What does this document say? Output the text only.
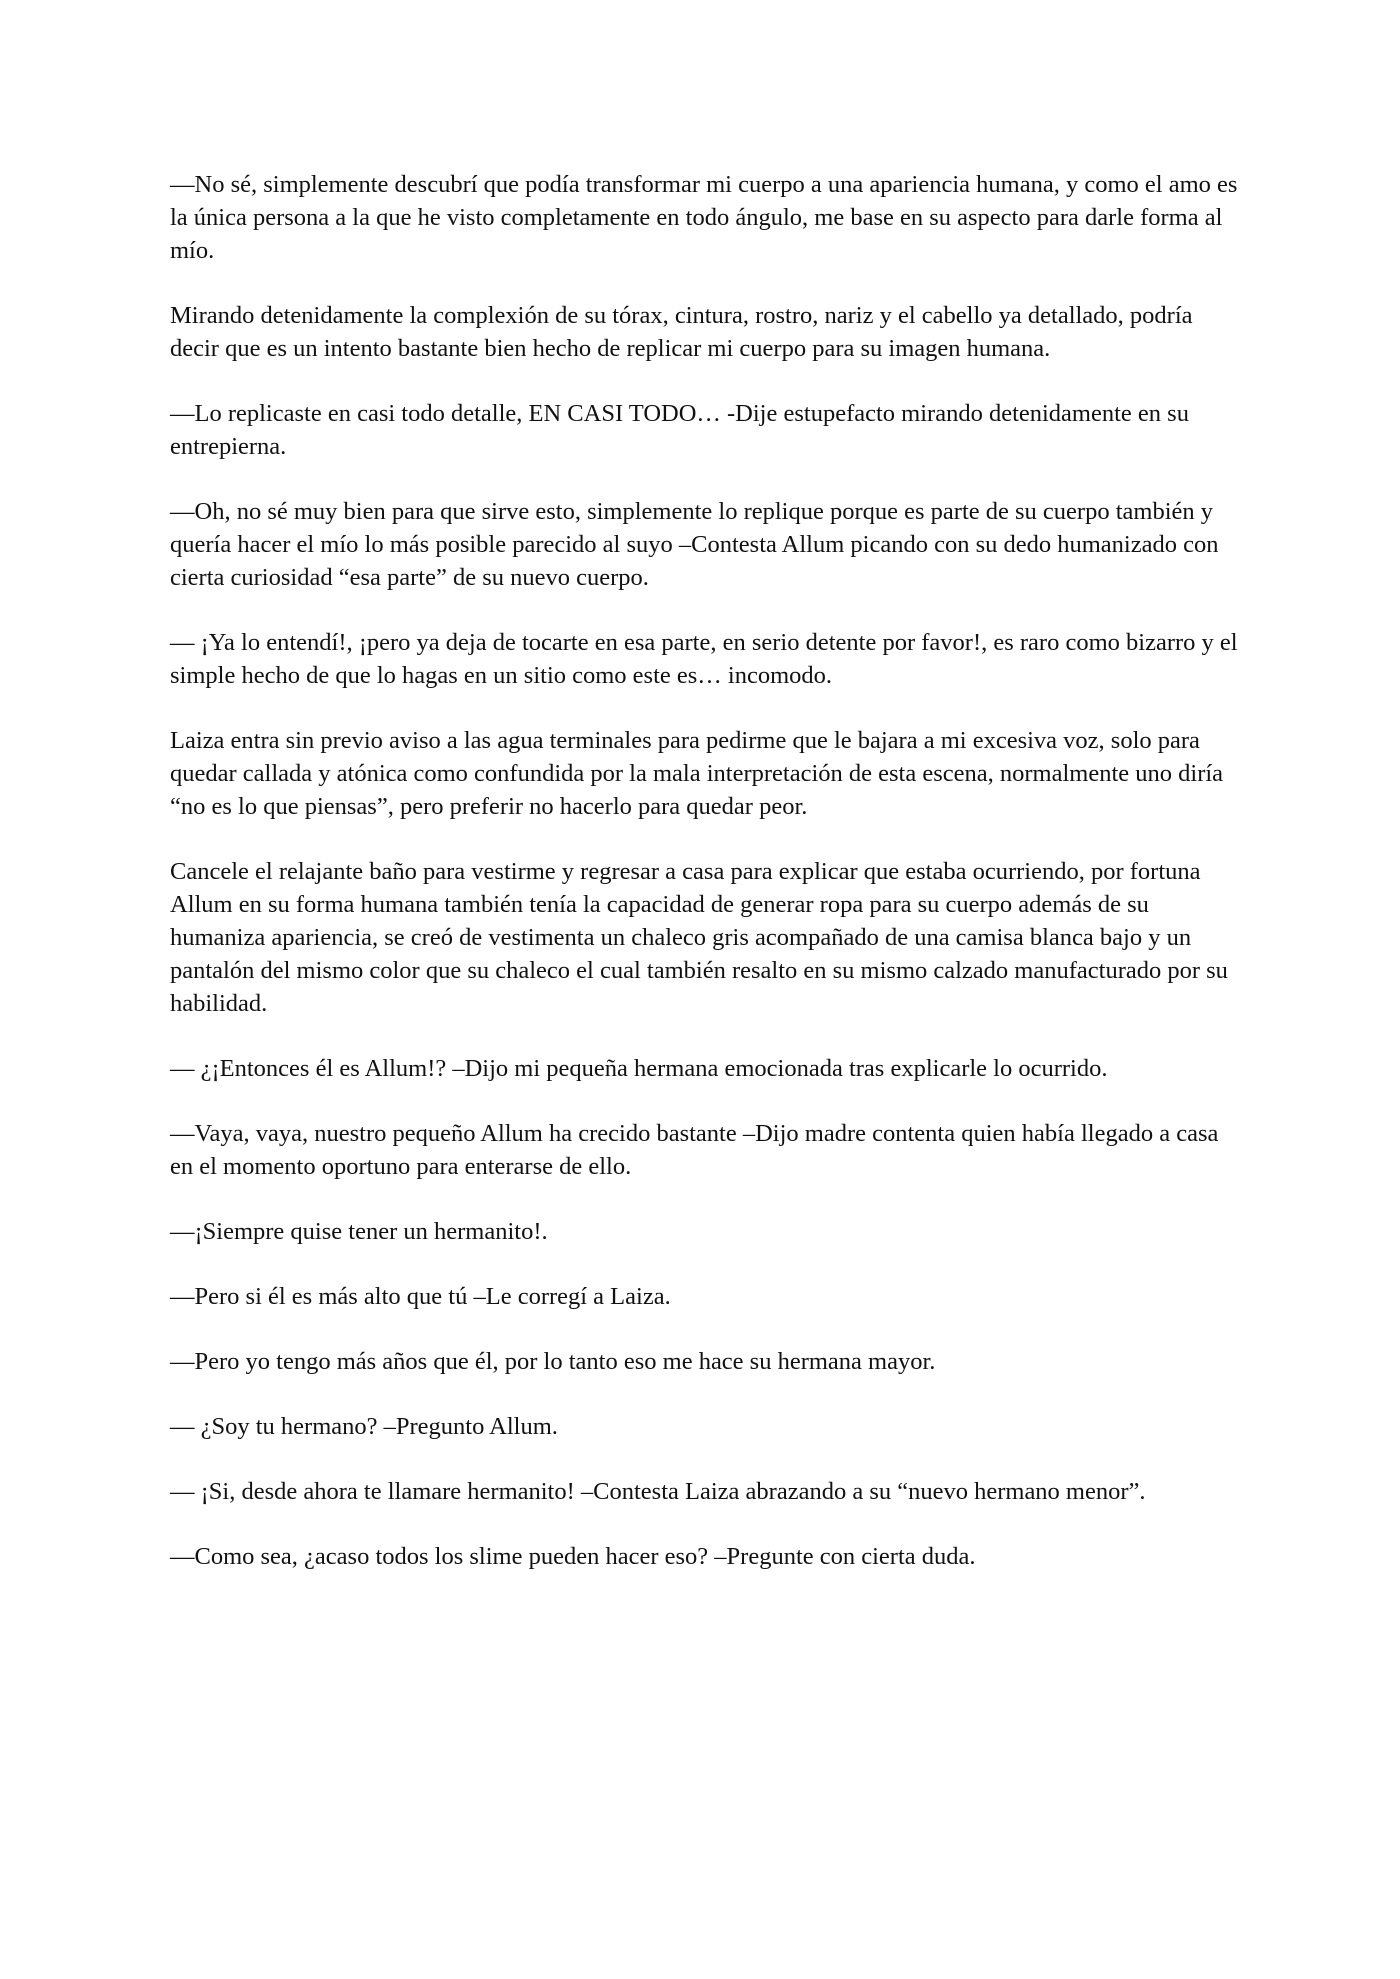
—No sé, simplemente descubrí que podía transformar mi cuerpo a una apariencia humana, y como el amo es la única persona a la que he visto completamente en todo ángulo, me base en su aspecto para darle forma al mío.

Mirando detenidamente la complexión de su tórax, cintura, rostro, nariz y el cabello ya detallado, podría decir que es un intento bastante bien hecho de replicar mi cuerpo para su imagen humana.

—Lo replicaste en casi todo detalle, EN CASI TODO… -Dije estupefacto mirando detenidamente en su entrepierna.

—Oh, no sé muy bien para que sirve esto, simplemente lo replique porque es parte de su cuerpo también y quería hacer el mío lo más posible parecido al suyo –Contesta Allum picando con su dedo humanizado con cierta curiosidad “esa parte” de su nuevo cuerpo.

— ¡Ya lo entendí!, ¡pero ya deja de tocarte en esa parte, en serio detente por favor!, es raro como bizarro y el simple hecho de que lo hagas en un sitio como este es… incomodo.

Laiza entra sin previo aviso a las agua terminales para pedirme que le bajara a mi excesiva voz, solo para quedar callada y atónica como confundida por la mala interpretación de esta escena, normalmente uno diría “no es lo que piensas”, pero preferir no hacerlo para quedar peor.

Cancele el relajante baño para vestirme y regresar a casa para explicar que estaba ocurriendo, por fortuna Allum en su forma humana también tenía la capacidad de generar ropa para su cuerpo además de su humaniza apariencia, se creó de vestimenta un chaleco gris acompañado de una camisa blanca bajo y un pantalón del mismo color que su chaleco el cual también resalto en su mismo calzado manufacturado por su habilidad.

— ¿¡Entonces él es Allum!? –Dijo mi pequeña hermana emocionada tras explicarle lo ocurrido.

—Vaya, vaya, nuestro pequeño Allum ha crecido bastante –Dijo madre contenta quien había llegado a casa en el momento oportuno para enterarse de ello.

—¡Siempre quise tener un hermanito!.

—Pero si él es más alto que tú –Le corregí a Laiza.

—Pero yo tengo más años que él, por lo tanto eso me hace su hermana mayor.

— ¿Soy tu hermano? –Pregunto Allum.

— ¡Si, desde ahora te llamare hermanito! –Contesta Laiza abrazando a su “nuevo hermano menor”.

—Como sea, ¿acaso todos los slime pueden hacer eso? –Pregunte con cierta duda.
